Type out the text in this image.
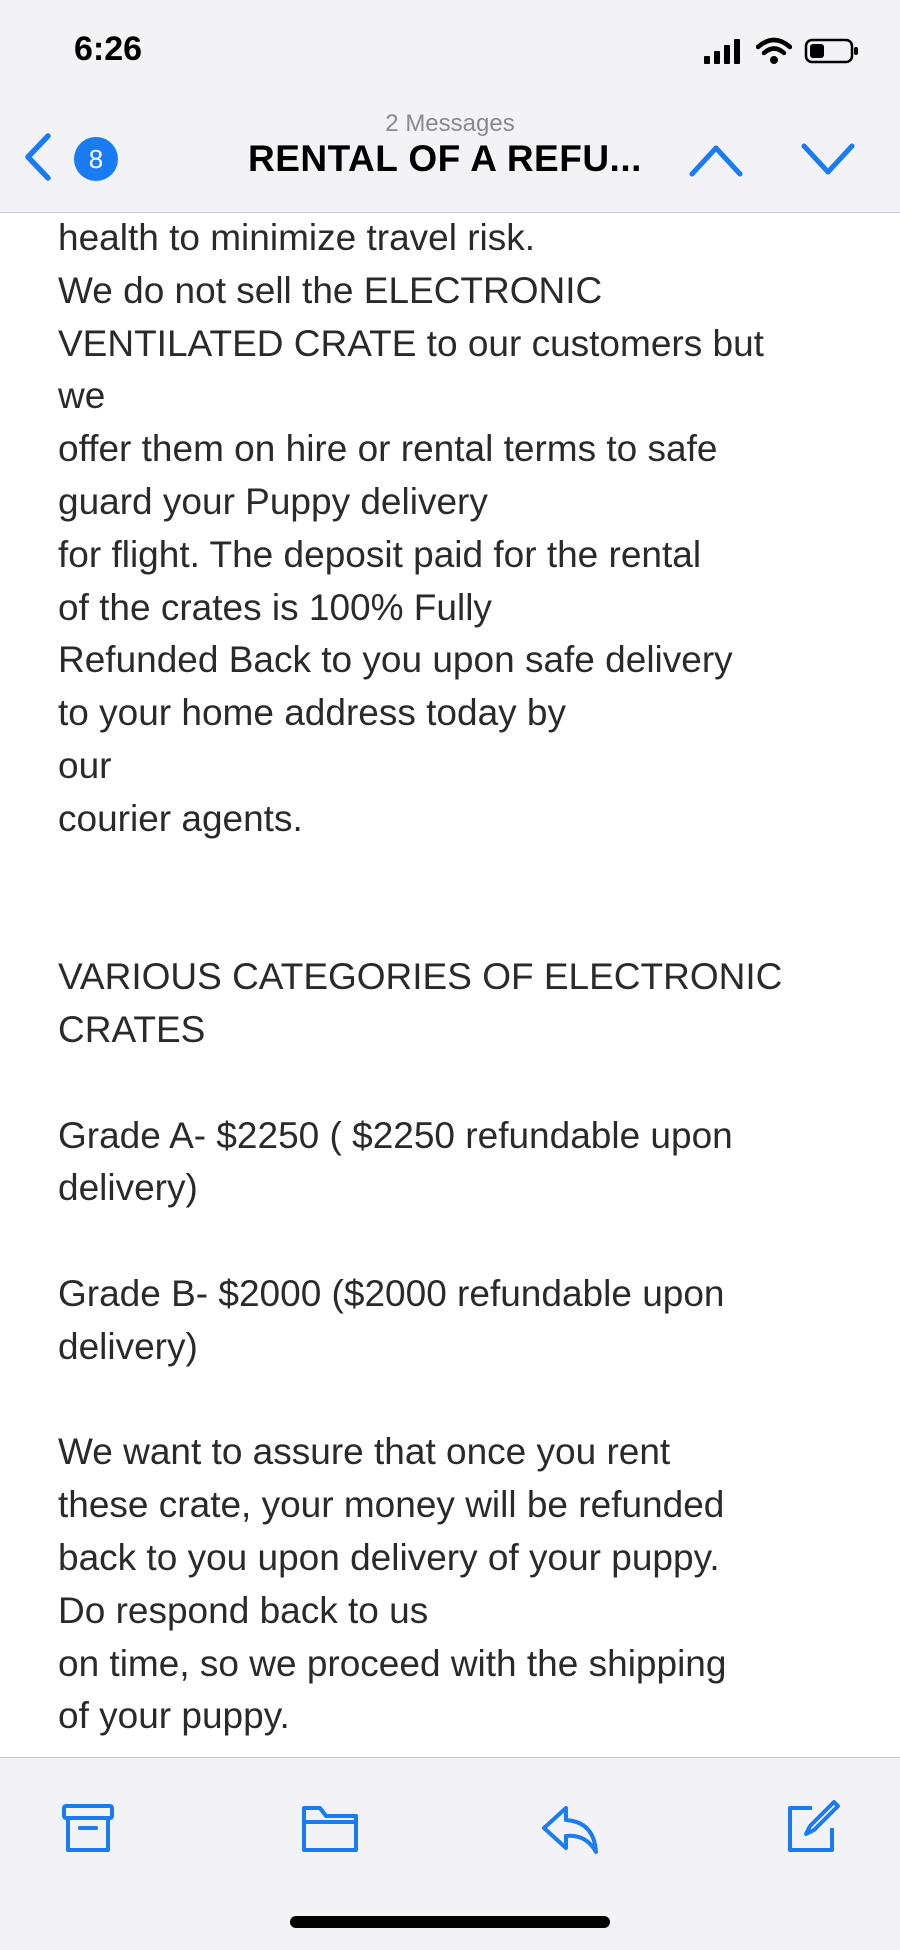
6:26
2 Messages
8	RENTAL OF A REFU...
health to minimize travel risk.
We do not sell the ELECTRONIC
VENTILATED CRATE to our customers but
we
offer them on hire or rental terms to safe
guard your Puppy delivery
for flight. The deposit paid for the rental
of the crates is 100% Fully
Refunded Back to you upon safe delivery
to your home address today by
our
courier agents.
VARIOUS CATEGORIES OF ELECTRONIC
CRATES
Grade A- $2250 ( $2250 refundable upon
delivery)
Grade B- $2000 ($2000 refundable upon
delivery)
We want to assure that once you rent
these crate, your money will be refunded
back to you upon delivery of your puppy.
Do respond back to us
on time, so we proceed with the shipping
of your puppy.
